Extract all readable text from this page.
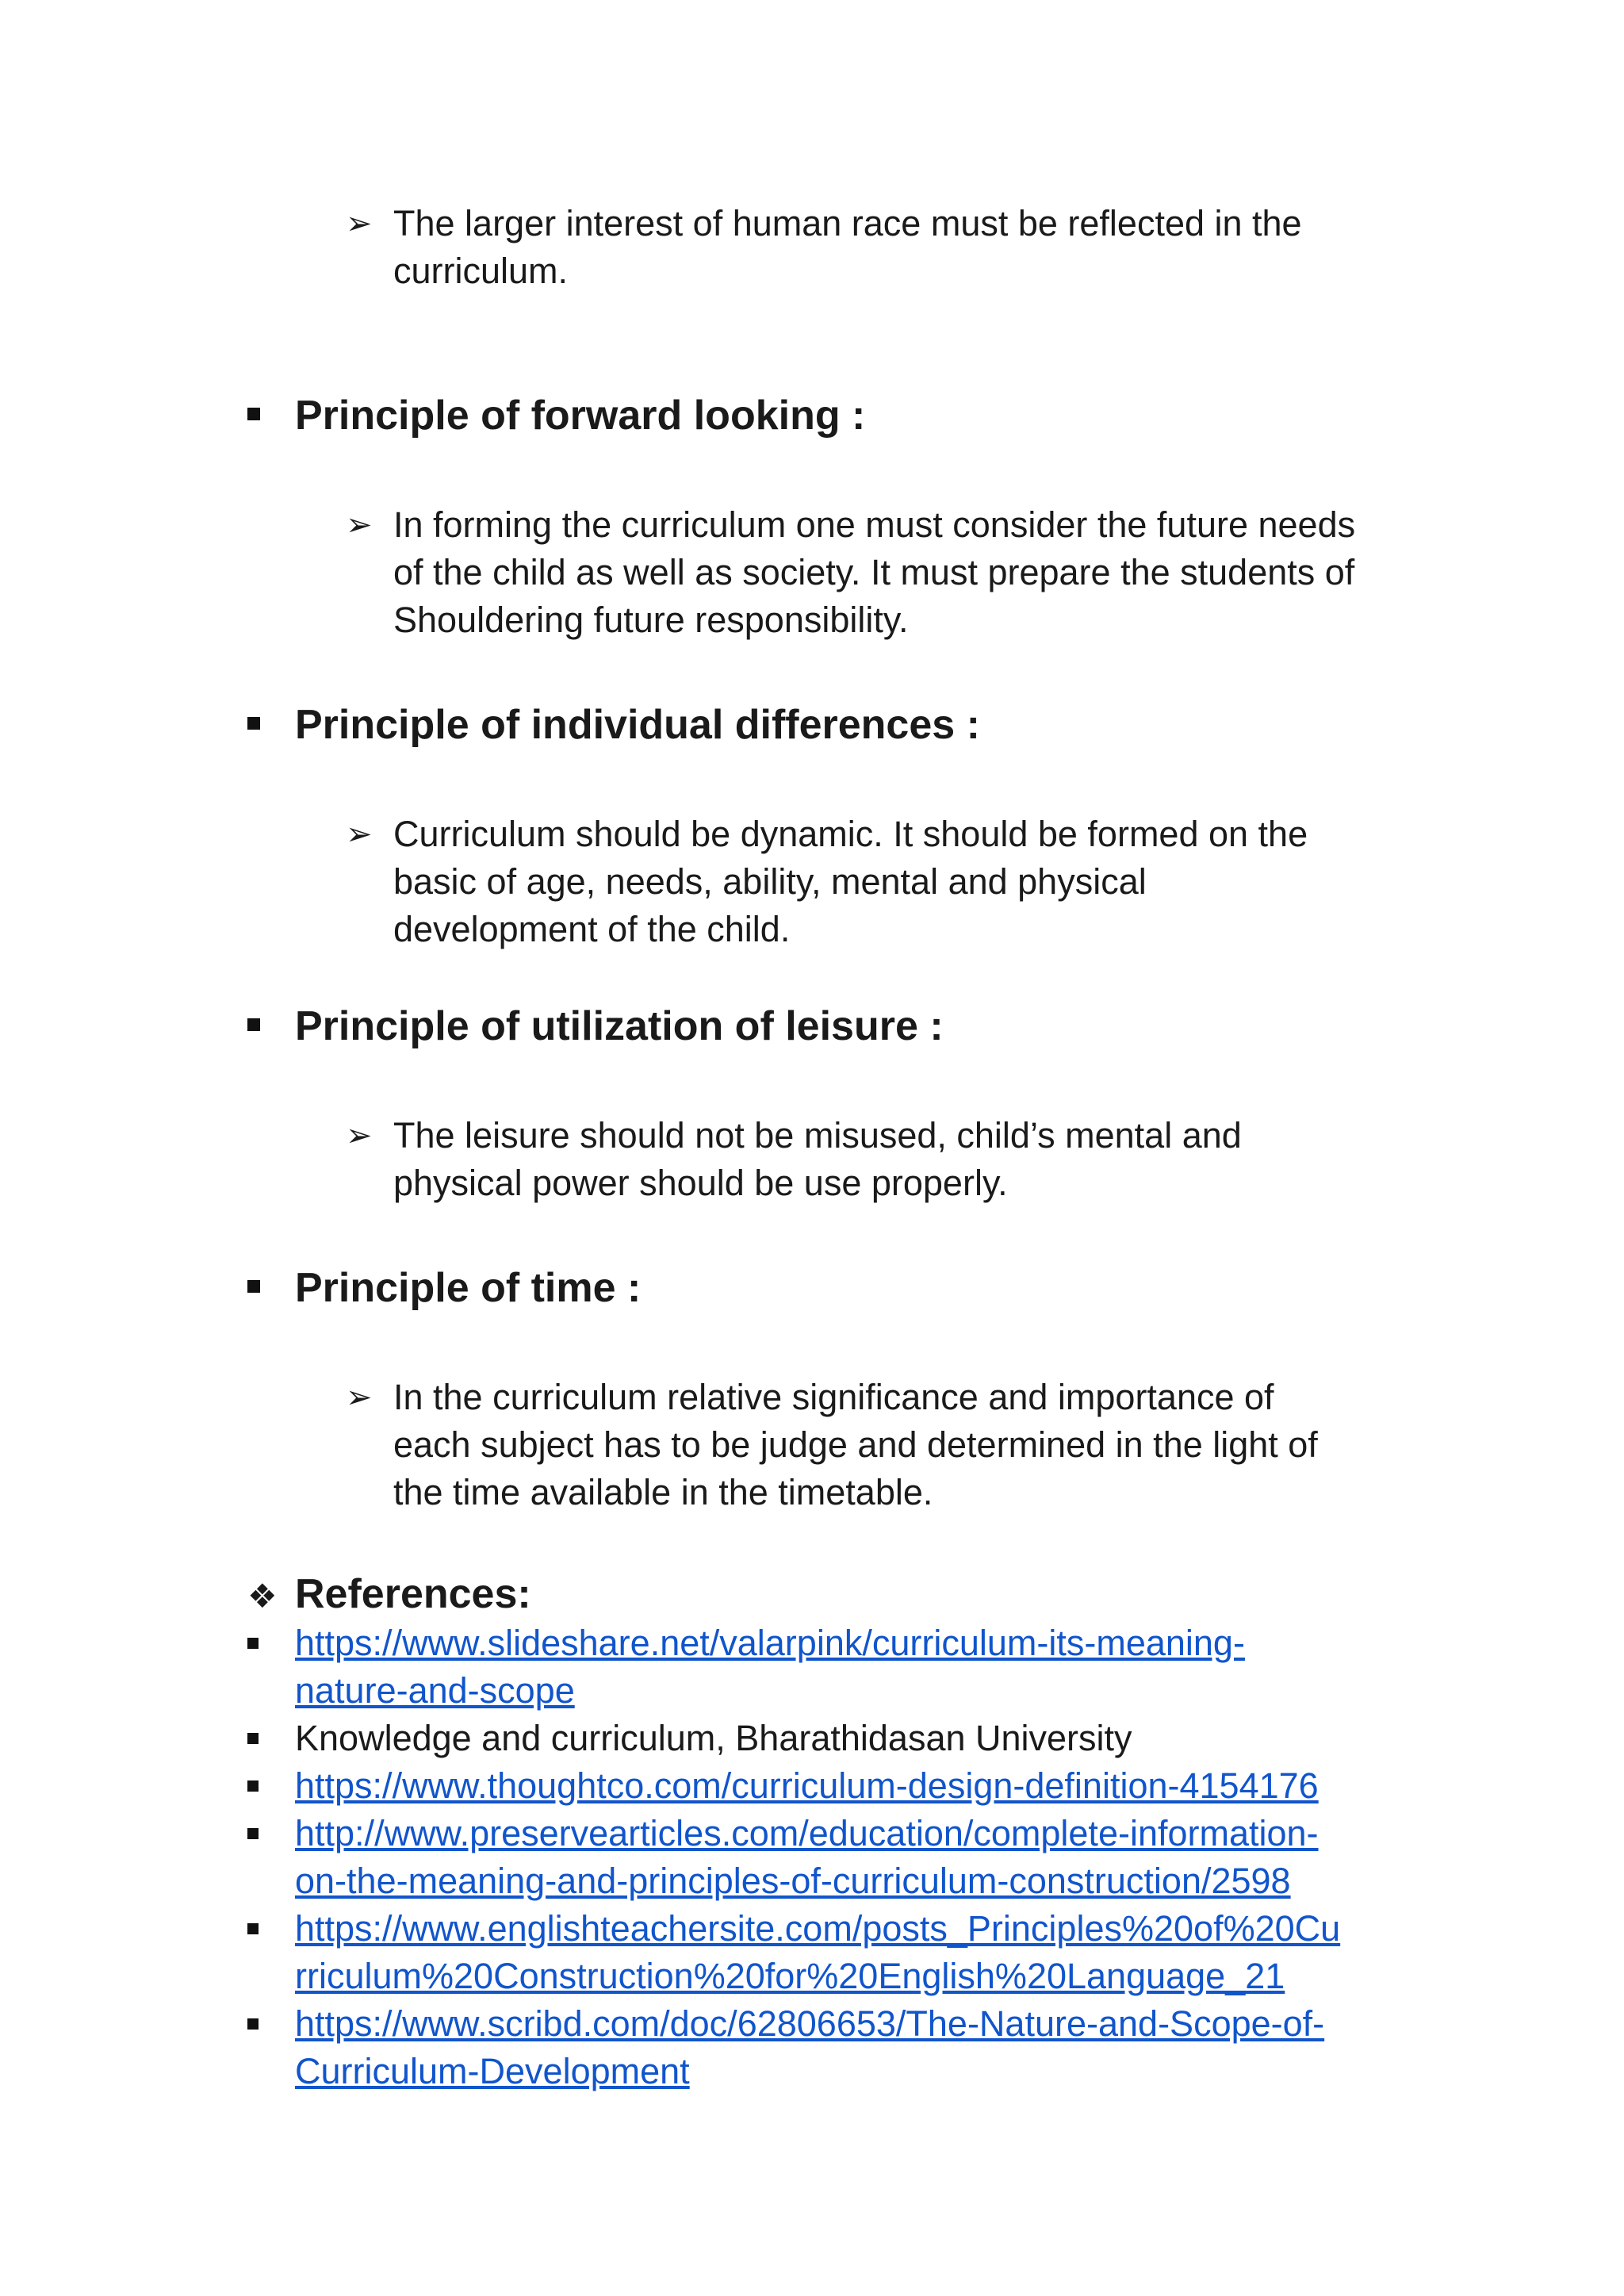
➢ The larger interest of human race must be reflected in the
curriculum.
Principle of forward looking :
➢ In forming the curriculum one must consider the future needs
of the child as well as society. It must prepare the students of
Shouldering future responsibility.
Principle of individual differences :
➢ Curriculum should be dynamic. It should be formed on the
basic of age, needs, ability, mental and physical
development of the child.
Principle of utilization of leisure :
➢ The leisure should not be misused, child’s mental and
physical power should be use properly.
Principle of time :
➢ In the curriculum relative significance and importance of
each subject has to be judge and determined in the light of
the time available in the timetable.
❖ References:
https://www.slideshare.net/valarpink/curriculum-its-meaning-
nature-and-scope
Knowledge and curriculum, Bharathidasan University
https://www.thoughtco.com/curriculum-design-definition-4154176
http://www.preservearticles.com/education/complete-information-
on-the-meaning-and-principles-of-curriculum-construction/2598
https://www.englishteachersite.com/posts_Principles%20of%20Cu
rriculum%20Construction%20for%20English%20Language_21
https://www.scribd.com/doc/62806653/The-Nature-and-Scope-of-
Curriculum-Development
